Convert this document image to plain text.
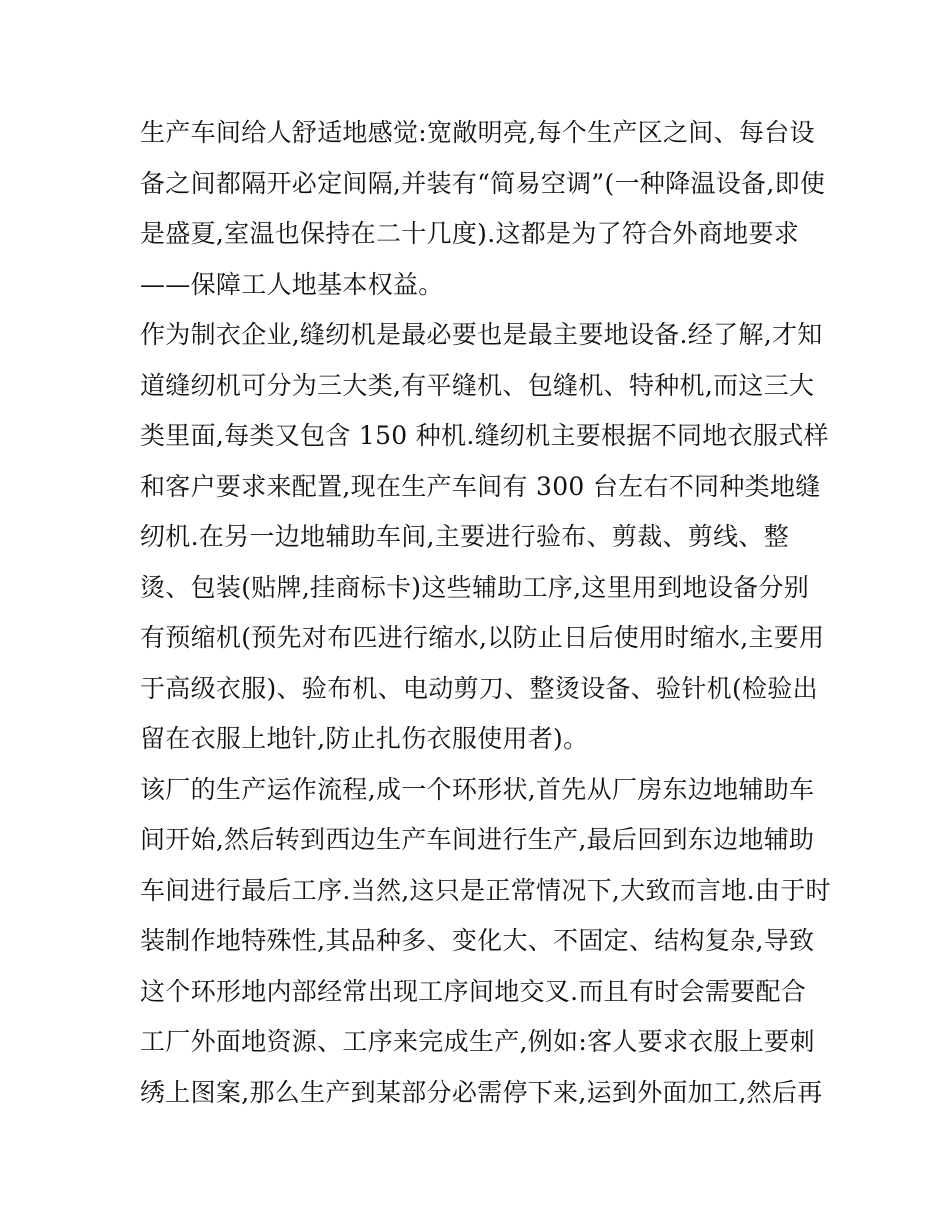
生产车间给人舒适地感觉:宽敞明亮,每个生产区之间、每台设
备之间都隔开必定间隔,并装有“简易空调”(一种降温设备,即使
是盛夏,室温也保持在二十几度).这都是为了符合外商地要求
——保障工人地基本权益。
作为制衣企业,缝纫机是最必要也是最主要地设备.经了解,才知
道缝纫机可分为三大类,有平缝机、包缝机、特种机,而这三大
类里面,每类又包含 150 种机.缝纫机主要根据不同地衣服式样
和客户要求来配置,现在生产车间有 300 台左右不同种类地缝
纫机.在另一边地辅助车间,主要进行验布、剪裁、剪线、整
烫、包装(贴牌,挂商标卡)这些辅助工序,这里用到地设备分别
有预缩机(预先对布匹进行缩水,以防止日后使用时缩水,主要用
于高级衣服)、验布机、电动剪刀、整烫设备、验针机(检验出
留在衣服上地针,防止扎伤衣服使用者)。
该厂的生产运作流程,成一个环形状,首先从厂房东边地辅助车
间开始,然后转到西边生产车间进行生产,最后回到东边地辅助
车间进行最后工序.当然,这只是正常情况下,大致而言地.由于时
装制作地特殊性,其品种多、变化大、不固定、结构复杂,导致
这个环形地内部经常出现工序间地交叉.而且有时会需要配合
工厂外面地资源、工序来完成生产,例如:客人要求衣服上要刺
绣上图案,那么生产到某部分必需停下来,运到外面加工,然后再
